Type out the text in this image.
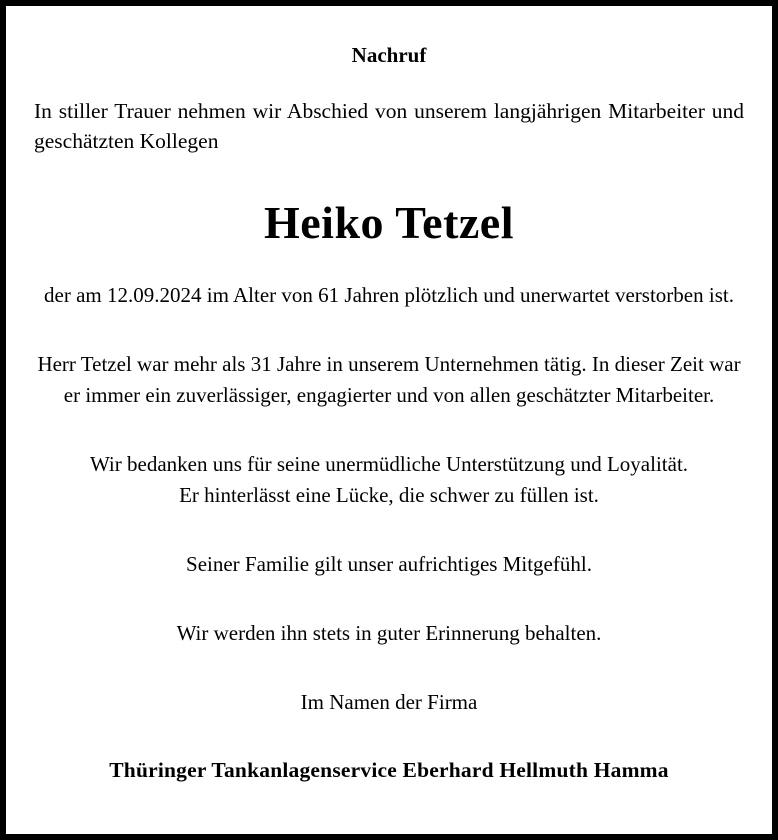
Nachruf

In stiller Trauer nehmen wir Abschied von unserem langjährigen Mitarbeiter und geschätzten Kollegen

Heiko Tetzel

der am 12.09.2024 im Alter von 61 Jahren plötzlich und unerwartet verstorben ist.

Herr Tetzel war mehr als 31 Jahre in unserem Unternehmen tätig. In dieser Zeit war er immer ein zuverlässiger, engagierter und von allen geschätzter Mitarbeiter.

Wir bedanken uns für seine unermüdliche Unterstützung und Loyalität.

Er hinterlässt eine Lücke, die schwer zu füllen ist.

Seiner Familie gilt unser aufrichtiges Mitgefühl.

Wir werden ihn stets in guter Erinnerung behalten.

Im Namen der Firma

Thüringer Tankanlagenservice Eberhard Hellmuth Hamma
